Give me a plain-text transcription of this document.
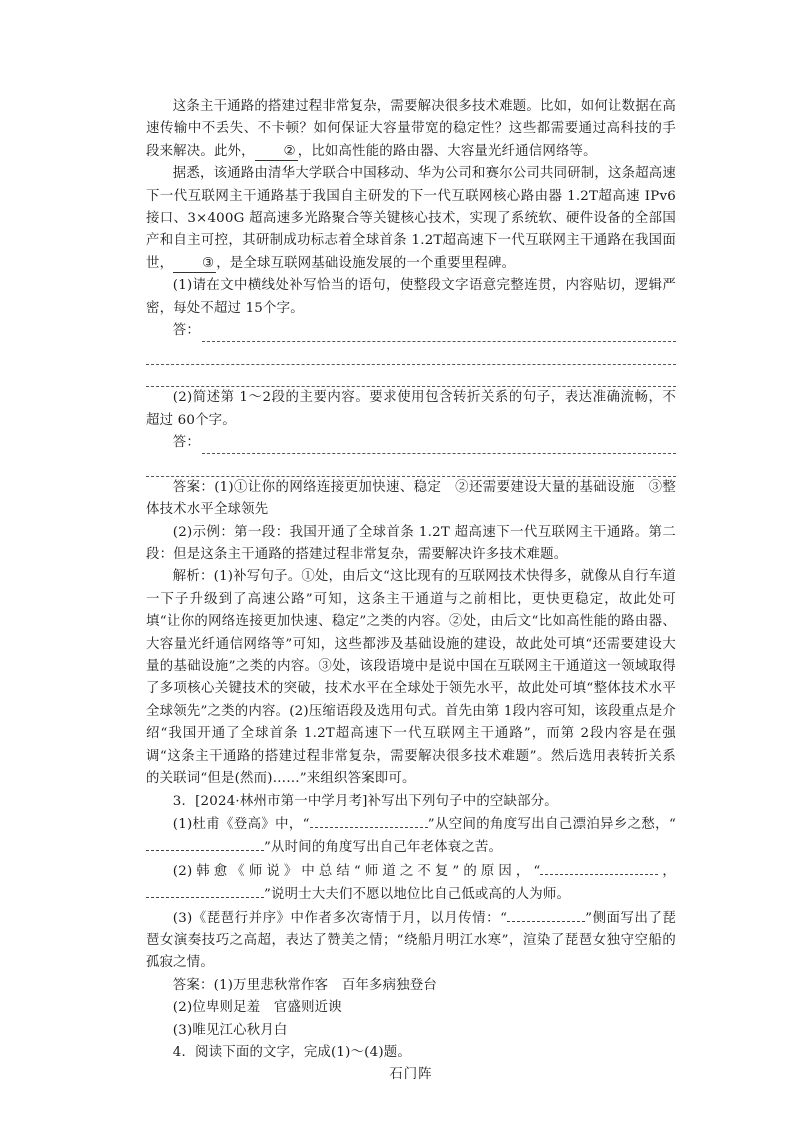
这条主干通路的搭建过程非常复杂，需要解决很多技术难题。比如，如何让数据在高速传输中不丢失、不卡顿？如何保证大容量带宽的稳定性？这些都需要通过高科技的手段来解决。此外， ② ，比如高性能的路由器、大容量光纤通信网络等。

据悉，该通路由清华大学联合中国移动、华为公司和赛尔公司共同研制，这条超高速下一代互联网主干通路基于我国自主研发的下一代互联网核心路由器 1.2T超高速 IPv6接口、3×400G 超高速多光路聚合等关键核心技术，实现了系统软、硬件设备的全部国产和自主可控，其研制成功标志着全球首条 1.2T超高速下一代互联网主干通路在我国面世， ③ ，是全球互联网基础设施发展的一个重要里程碑。

(1)请在文中横线处补写恰当的语句，使整段文字语意完整连贯，内容贴切，逻辑严密，每处不超过 15个字。

答：

(2)简述第 1～2段的主要内容。要求使用包含转折关系的句子，表达准确流畅，不超过 60个字。

答：

答案：(1)①让你的网络连接更加快速、稳定　②还需要建设大量的基础设施　③整体技术水平全球领先

(2)示例：第一段：我国开通了全球首条 1.2T 超高速下一代互联网主干通路。第二段：但是这条主干通路的搭建过程非常复杂，需要解决许多技术难题。

解析：(1)补写句子。①处，由后文“这比现有的互联网技术快得多，就像从自行车道一下子升级到了高速公路”可知，这条主干通道与之前相比，更快更稳定，故此处可填“让你的网络连接更加快速、稳定”之类的内容。②处，由后文“比如高性能的路由器、大容量光纤通信网络等”可知，这些都涉及基础设施的建设，故此处可填“还需要建设大量的基础设施”之类的内容。③处，该段语境中是说中国在互联网主干通道这一领域取得了多项核心关键技术的突破，技术水平在全球处于领先水平，故此处可填“整体技术水平全球领先”之类的内容。(2)压缩语段及选用句式。首先由第 1段内容可知，该段重点是介绍“我国开通了全球首条 1.2T超高速下一代互联网主干通路”，而第 2段内容是在强调“这条主干通路的搭建过程非常复杂，需要解决很多技术难题”。然后选用表转折关系的关联词“但是(然而)……”来组织答案即可。

3．[2024·林州市第一中学月考]补写出下列句子中的空缺部分。

(1)杜甫《登高》中，“	”从空间的角度写出自己漂泊异乡之愁，“”从时间的角度写出自己年老体衰之苦。

(2)韩愈《师说》中总结“师道之不复”的原因，“	，”说明士大夫们不愿以地位比自己低或高的人为师。

(3)《琵琶行并序》中作者多次寄情于月，以月传情：“	”侧面写出了琵琶女演奏技巧之高超，表达了赞美之情；“绕船月明江水寒”，渲染了琵琶女独守空船的孤寂之情。

答案：(1)万里悲秋常作客　百年多病独登台

(2)位卑则足羞　官盛则近谀

(3)唯见江心秋月白

4．阅读下面的文字，完成(1)～(4)题。

石门阵
